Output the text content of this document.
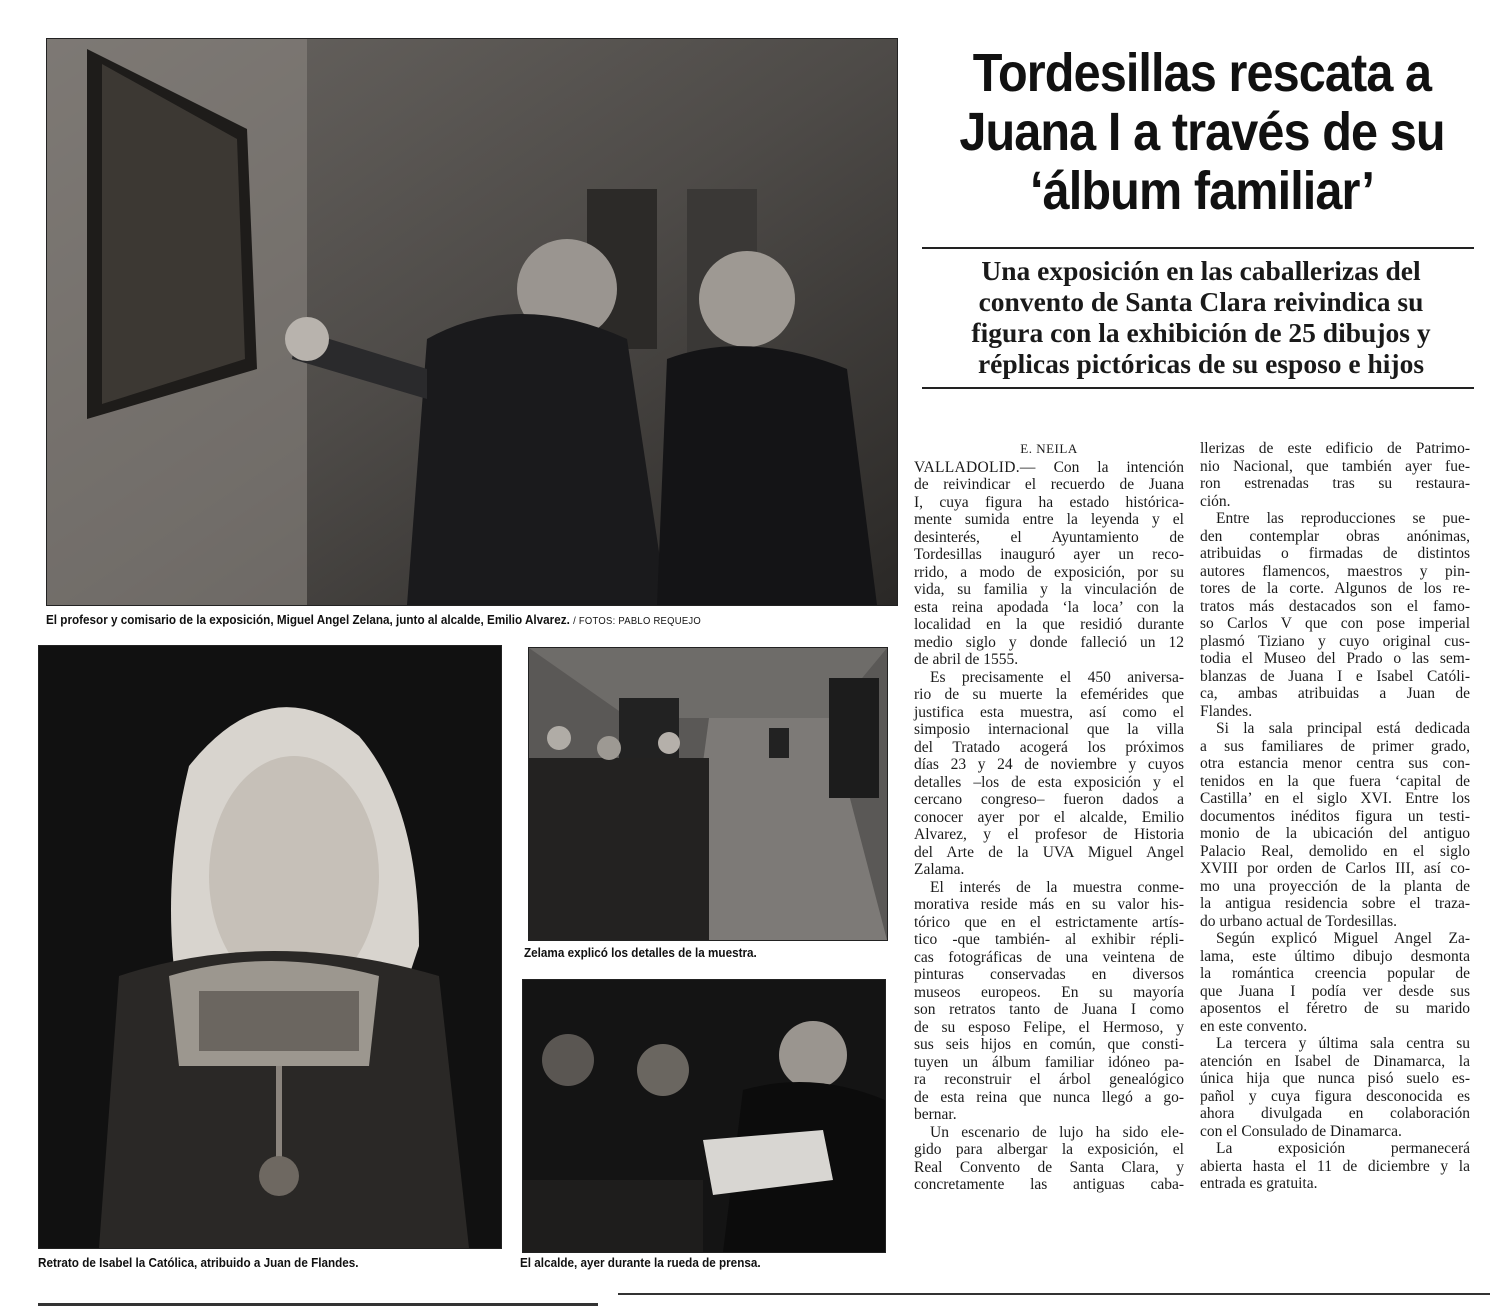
El profesor y comisario de la exposición, Miguel Angel Zelana, junto al alcalde, Emilio Alvarez. / FOTOS: PABLO REQUEJO
Retrato de Isabel la Católica, atribuido a Juan de Flandes.
Zelama explicó los detalles de la muestra.
El alcalde, ayer durante la rueda de prensa.
Tordesillas rescata a
Juana I a través de su
‘álbum familiar’
Una exposición en las caballerizas del
convento de Santa Clara reivindica su
figura con la exhibición de 25 dibujos y
réplicas pictóricas de su esposo e hijos
E. NEILA
VALLADOLID.— Con la intención
de reivindicar el recuerdo de Juana
I, cuya figura ha estado histórica-
mente sumida entre la leyenda y el
desinterés, el Ayuntamiento de
Tordesillas inauguró ayer un reco-
rrido, a modo de exposición, por su
vida, su familia y la vinculación de
esta reina apodada ‘la loca’ con la
localidad en la que residió durante
medio siglo y donde falleció un 12
de abril de 1555.
Es precisamente el 450 aniversa-
rio de su muerte la efemérides que
justifica esta muestra, así como el
simposio internacional que la villa
del Tratado acogerá los próximos
días 23 y 24 de noviembre y cuyos
detalles –los de esta exposición y el
cercano congreso– fueron dados a
conocer ayer por el alcalde, Emilio
Alvarez, y el profesor de Historia
del Arte de la UVA Miguel Angel
Zalama.
El interés de la muestra conme-
morativa reside más en su valor his-
tórico que en el estrictamente artís-
tico -que también- al exhibir répli-
cas fotográficas de una veintena de
pinturas conservadas en diversos
museos europeos. En su mayoría
son retratos tanto de Juana I como
de su esposo Felipe, el Hermoso, y
sus seis hijos en común, que consti-
tuyen un álbum familiar idóneo pa-
ra reconstruir el árbol genealógico
de esta reina que nunca llegó a go-
bernar.
Un escenario de lujo ha sido ele-
gido para albergar la exposición, el
Real Convento de Santa Clara, y
concretamente las antiguas caba-
llerizas de este edificio de Patrimo-
nio Nacional, que también ayer fue-
ron estrenadas tras su restaura-
ción.
Entre las reproducciones se pue-
den contemplar obras anónimas,
atribuidas o firmadas de distintos
autores flamencos, maestros y pin-
tores de la corte. Algunos de los re-
tratos más destacados son el famo-
so Carlos V que con pose imperial
plasmó Tiziano y cuyo original cus-
todia el Museo del Prado o las sem-
blanzas de Juana I e Isabel Católi-
ca, ambas atribuidas a Juan de
Flandes.
Si la sala principal está dedicada
a sus familiares de primer grado,
otra estancia menor centra sus con-
tenidos en la que fuera ‘capital de
Castilla’ en el siglo XVI. Entre los
documentos inéditos figura un testi-
monio de la ubicación del antiguo
Palacio Real, demolido en el siglo
XVIII por orden de Carlos III, así co-
mo una proyección de la planta de
la antigua residencia sobre el traza-
do urbano actual de Tordesillas.
Según explicó Miguel Angel Za-
lama, este último dibujo desmonta
la romántica creencia popular de
que Juana I podía ver desde sus
aposentos el féretro de su marido
en este convento.
La tercera y última sala centra su
atención en Isabel de Dinamarca, la
única hija que nunca pisó suelo es-
pañol y cuya figura desconocida es
ahora divulgada en colaboración
con el Consulado de Dinamarca.
La exposición permanecerá
abierta hasta el 11 de diciembre y la
entrada es gratuita.
